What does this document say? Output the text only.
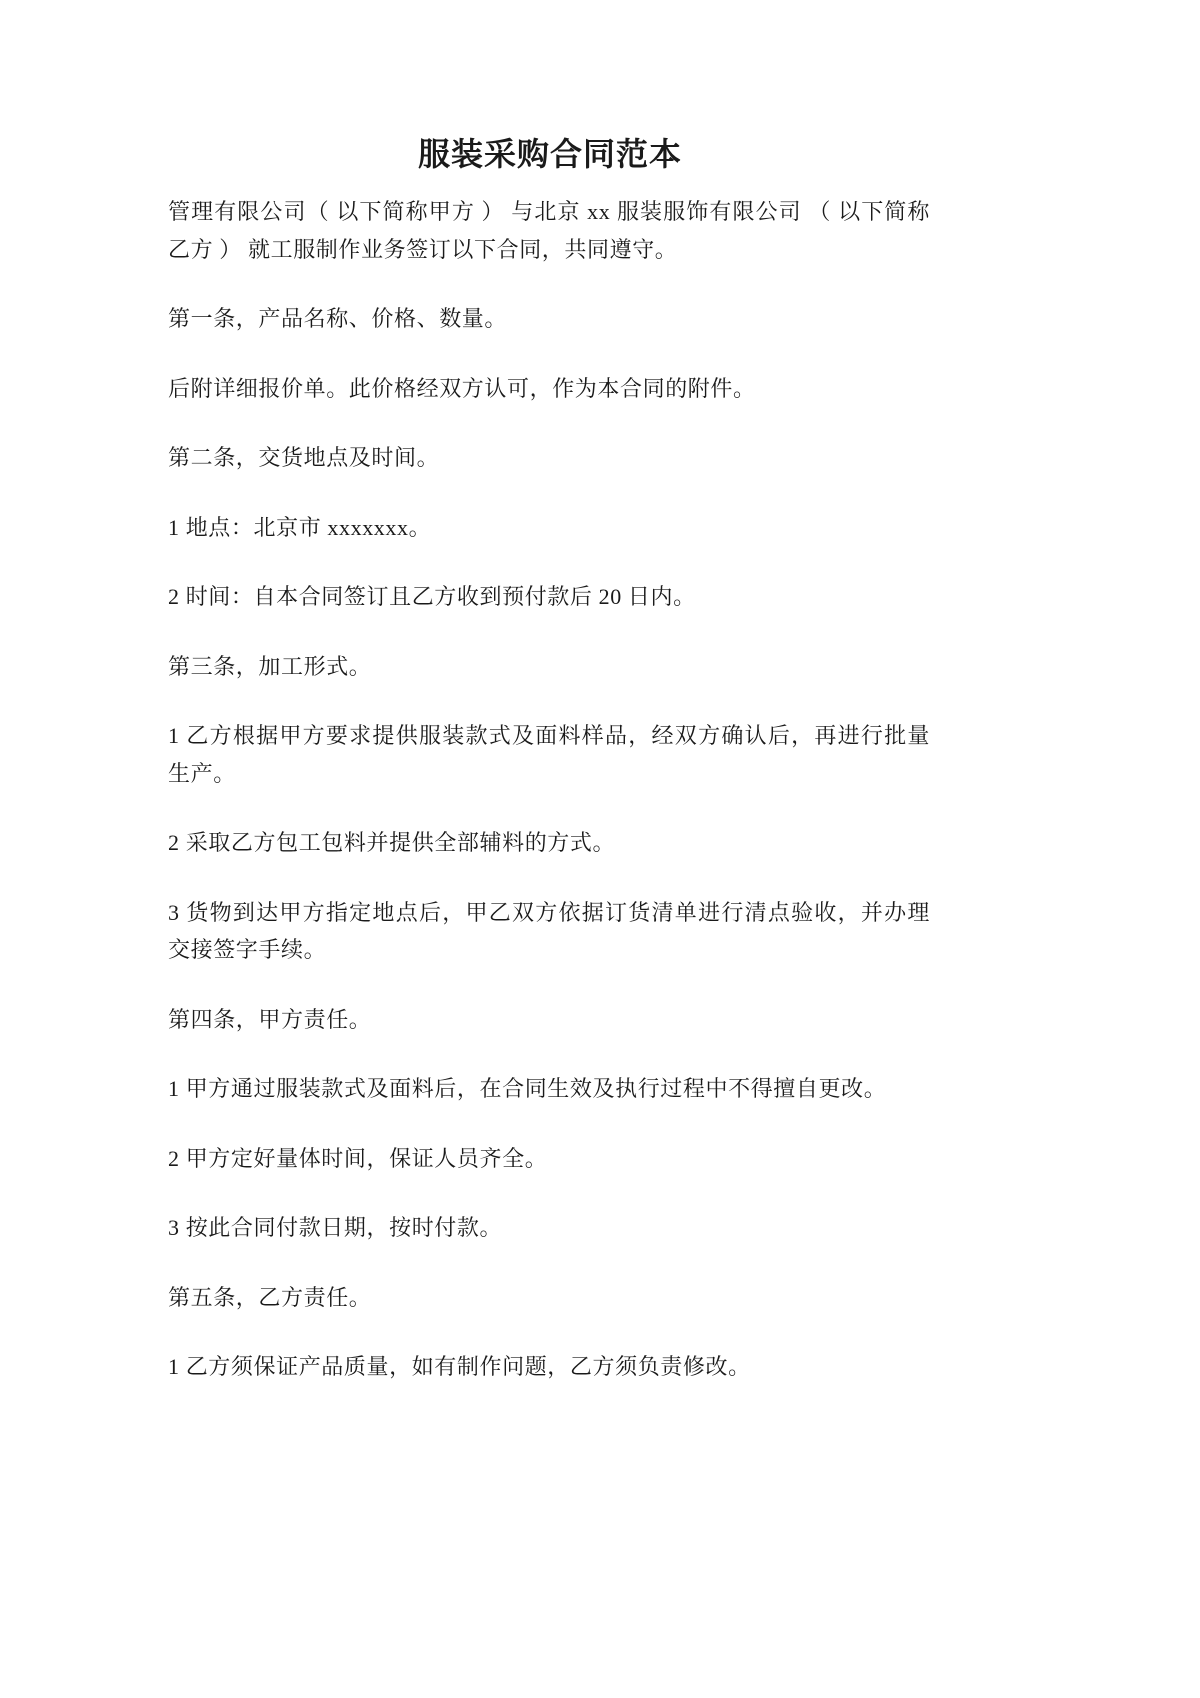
服装采购合同范本

管理有限公司（ 以下简称甲方 ） 与北京 xx 服装服饰有限公司 （ 以下简称乙方 ） 就工服制作业务签订以下合同，共同遵守。

第一条，产品名称、价格、数量。

后附详细报价单。此价格经双方认可，作为本合同的附件。

第二条，交货地点及时间。

1 地点：北京市 xxxxxxx。

2 时间：自本合同签订且乙方收到预付款后 20 日内。

第三条，加工形式。

1 乙方根据甲方要求提供服装款式及面料样品，经双方确认后，再进行批量生产。

2 采取乙方包工包料并提供全部辅料的方式。

3 货物到达甲方指定地点后，甲乙双方依据订货清单进行清点验收，并办理交接签字手续。

第四条，甲方责任。

1 甲方通过服装款式及面料后，在合同生效及执行过程中不得擅自更改。

2 甲方定好量体时间，保证人员齐全。

3 按此合同付款日期，按时付款。

第五条，乙方责任。

1 乙方须保证产品质量，如有制作问题，乙方须负责修改。
